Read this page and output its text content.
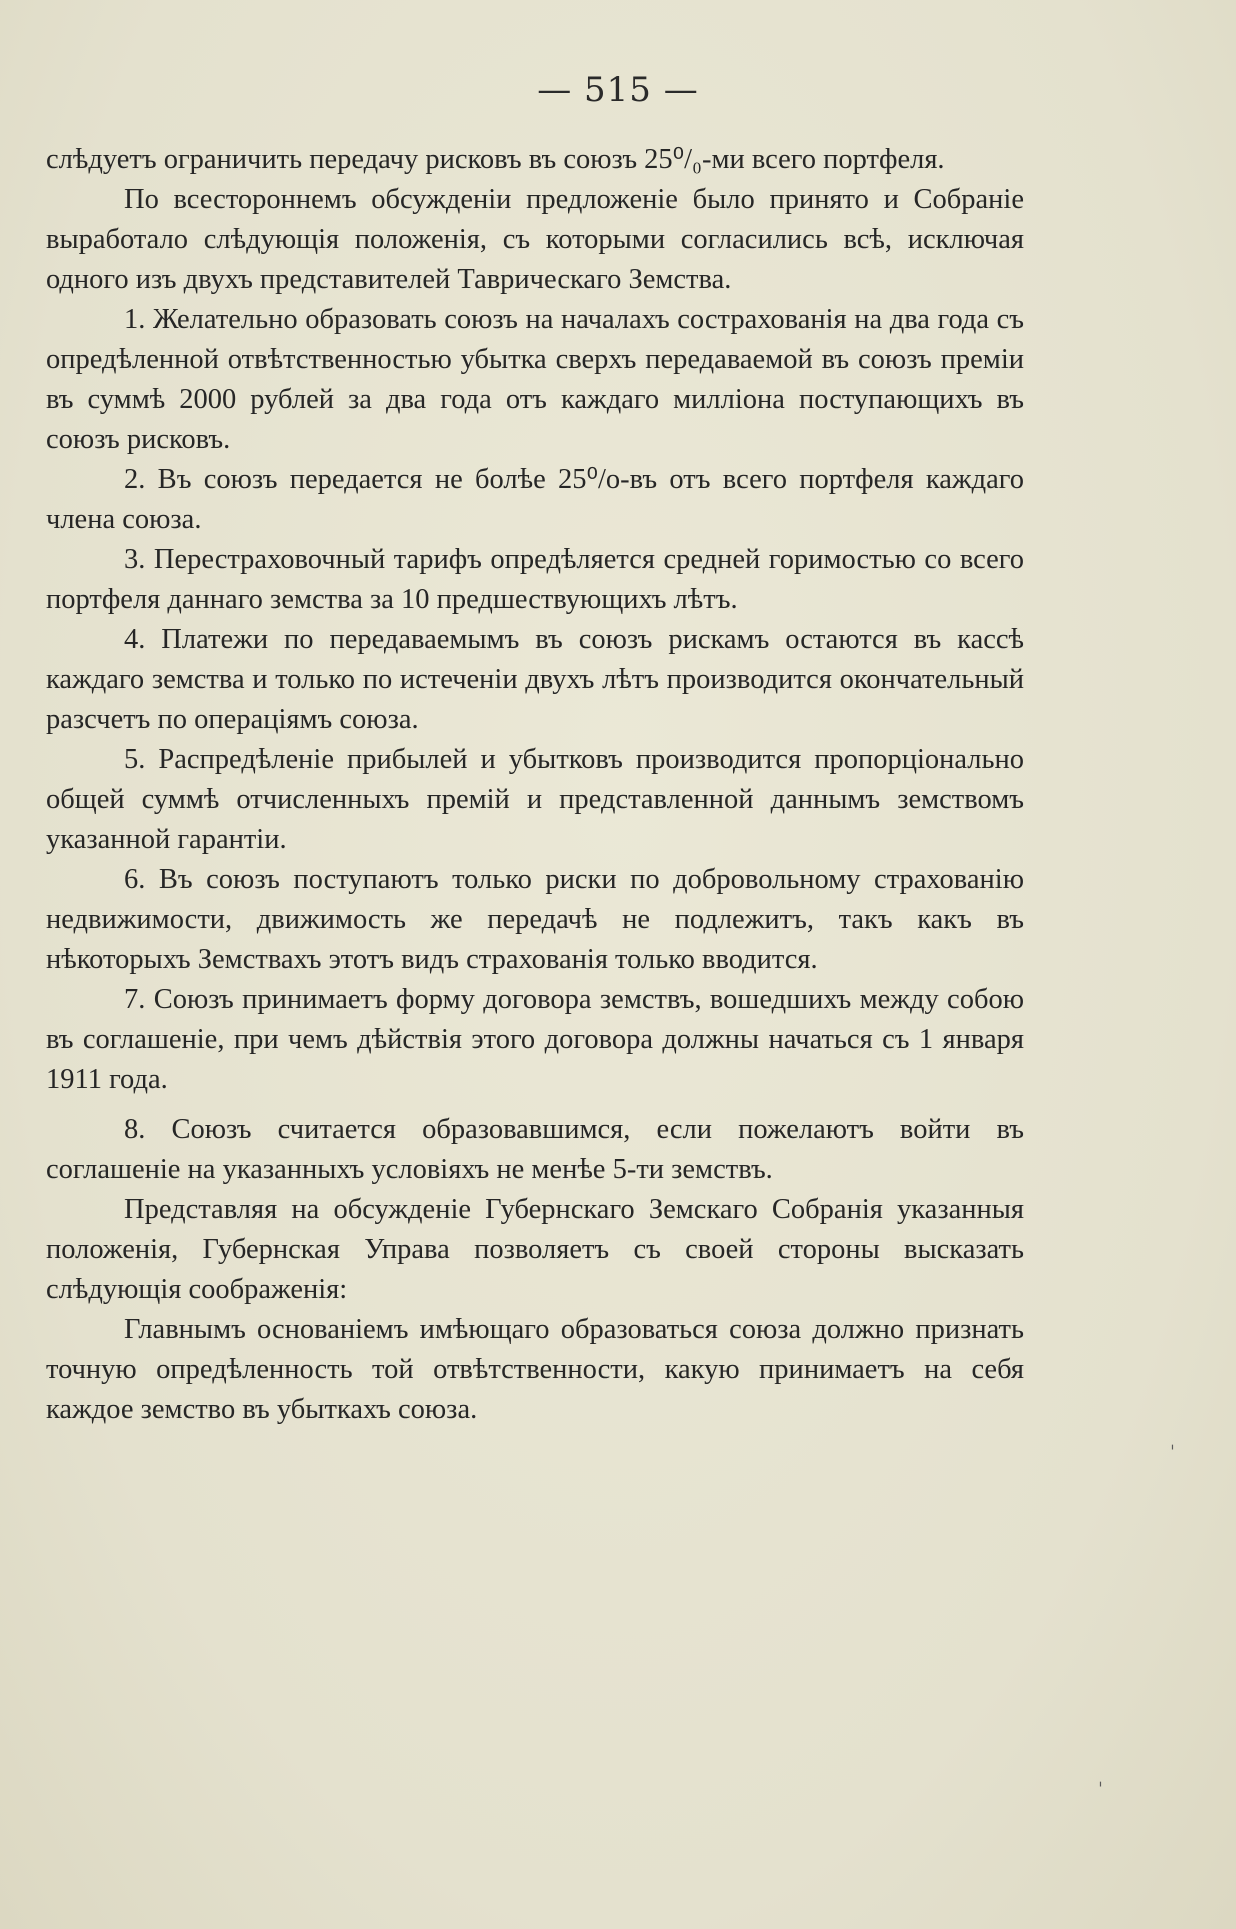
— 515 —

слѣдуетъ ограничить передачу рисковъ въ союзъ 25⁰/₀-ми всего портфеля.

По всестороннемъ обсужденіи предложеніе было принято и Собраніе выработало слѣдующія положенія, съ которыми согласились всѣ, исключая одного изъ двухъ представителей Таврическаго Земства.

1. Желательно образовать союзъ на началахъ сострахованія на два года съ опредѣленной отвѣтственностью убытка сверхъ передаваемой въ союзъ преміи въ суммѣ 2000 рублей за два года отъ каждаго милліона поступающихъ въ союзъ рисковъ.

2. Въ союзъ передается не болѣе 25⁰/о-въ отъ всего портфеля каждаго члена союза.

3. Перестраховочный тарифъ опредѣляется средней горимостью со всего портфеля даннаго земства за 10 предшествующихъ лѣтъ.

4. Платежи по передаваемымъ въ союзъ рискамъ остаются въ кассѣ каждаго земства и только по истеченіи двухъ лѣтъ производится окончательный разсчетъ по операціямъ союза.

5. Распредѣленіе прибылей и убытковъ производится пропорціонально общей суммѣ отчисленныхъ премій и представленной даннымъ земствомъ указанной гарантіи.

6. Въ союзъ поступаютъ только риски по добровольному страхованію недвижимости, движимость же передачѣ не подлежитъ, такъ какъ въ нѣкоторыхъ Земствахъ этотъ видъ страхованія только вводится.

7. Союзъ принимаетъ форму договора земствъ, вошедшихъ между собою въ соглашеніе, при чемъ дѣйствія этого договора должны начаться съ 1 января 1911 года.

8. Союзъ считается образовавшимся, если пожелаютъ войти въ соглашеніе на указанныхъ условіяхъ не менѣе 5-ти земствъ.

Представляя на обсужденіе Губернскаго Земскаго Собранія указанныя положенія, Губернская Управа позволяетъ съ своей стороны высказать слѣдующія соображенія:

Главнымъ основаніемъ имѣющаго образоваться союза должно признать точную опредѣленность той отвѣтственности, какую принимаетъ на себя каждое земство въ убыткахъ союза.

ˈ
ˌ
